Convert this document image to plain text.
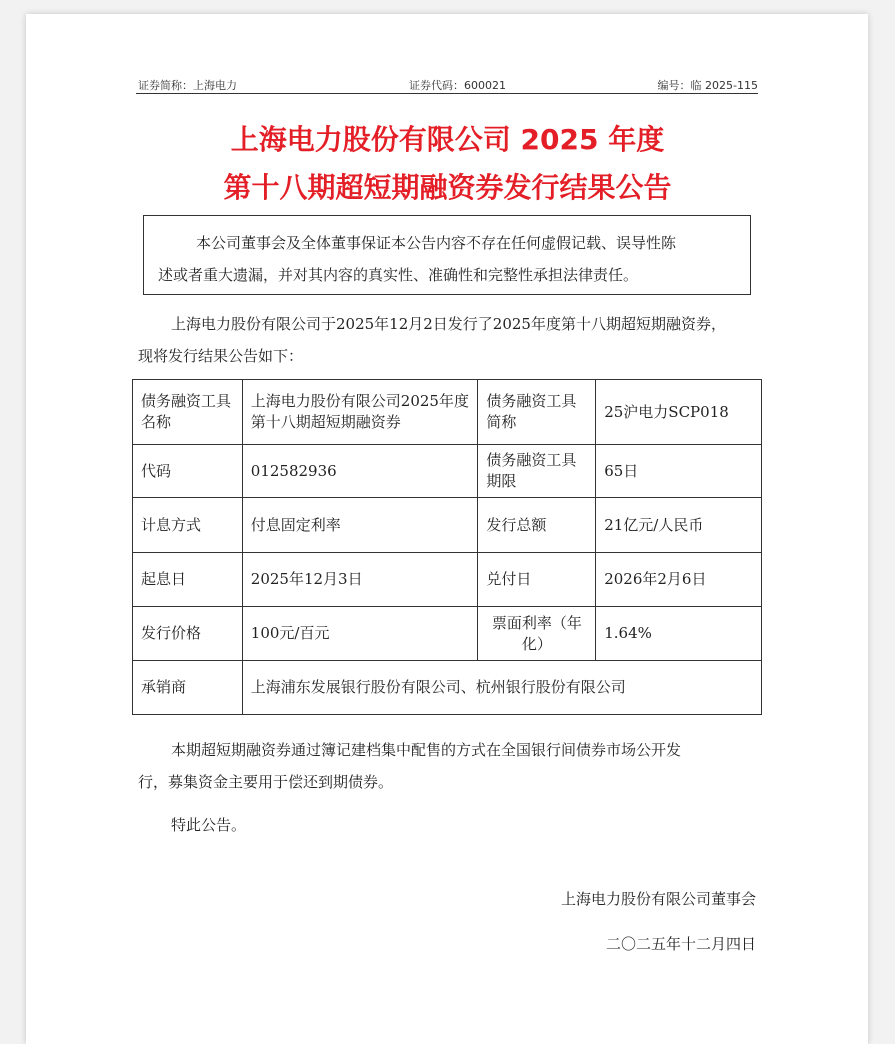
证券简称：上海电力	证券代码：600021	编号：临 2025-115
上海电力股份有限公司 2025 年度
第十八期超短期融资券发行结果公告

本公司董事会及全体董事保证本公告内容不存在任何虚假记载、误导性陈

述或者重大遗漏，并对其内容的真实性、准确性和完整性承担法律责任。

上海电力股份有限公司于2025年12月2日发行了2025年度第十八期超短期融资券，
现将发行结果公告如下：
债务融资工具名称	上海电力股份有限公司2025年度第十八期超短期融资券	债务融资工具简称	25沪电力SCP018
代码	012582936	债务融资工具期限	65日
计息方式	付息固定利率	发行总额	21亿元/人民币
起息日	2025年12月3日	兑付日	2026年2月6日
发行价格	100元/百元	票面利率（年化）	1.64%
承销商	上海浦东发展银行股份有限公司、杭州银行股份有限公司		
本期超短期融资券通过簿记建档集中配售的方式在全国银行间债券市场公开发
行，募集资金主要用于偿还到期债券。
特此公告。
上海电力股份有限公司董事会
二〇二五年十二月四日
